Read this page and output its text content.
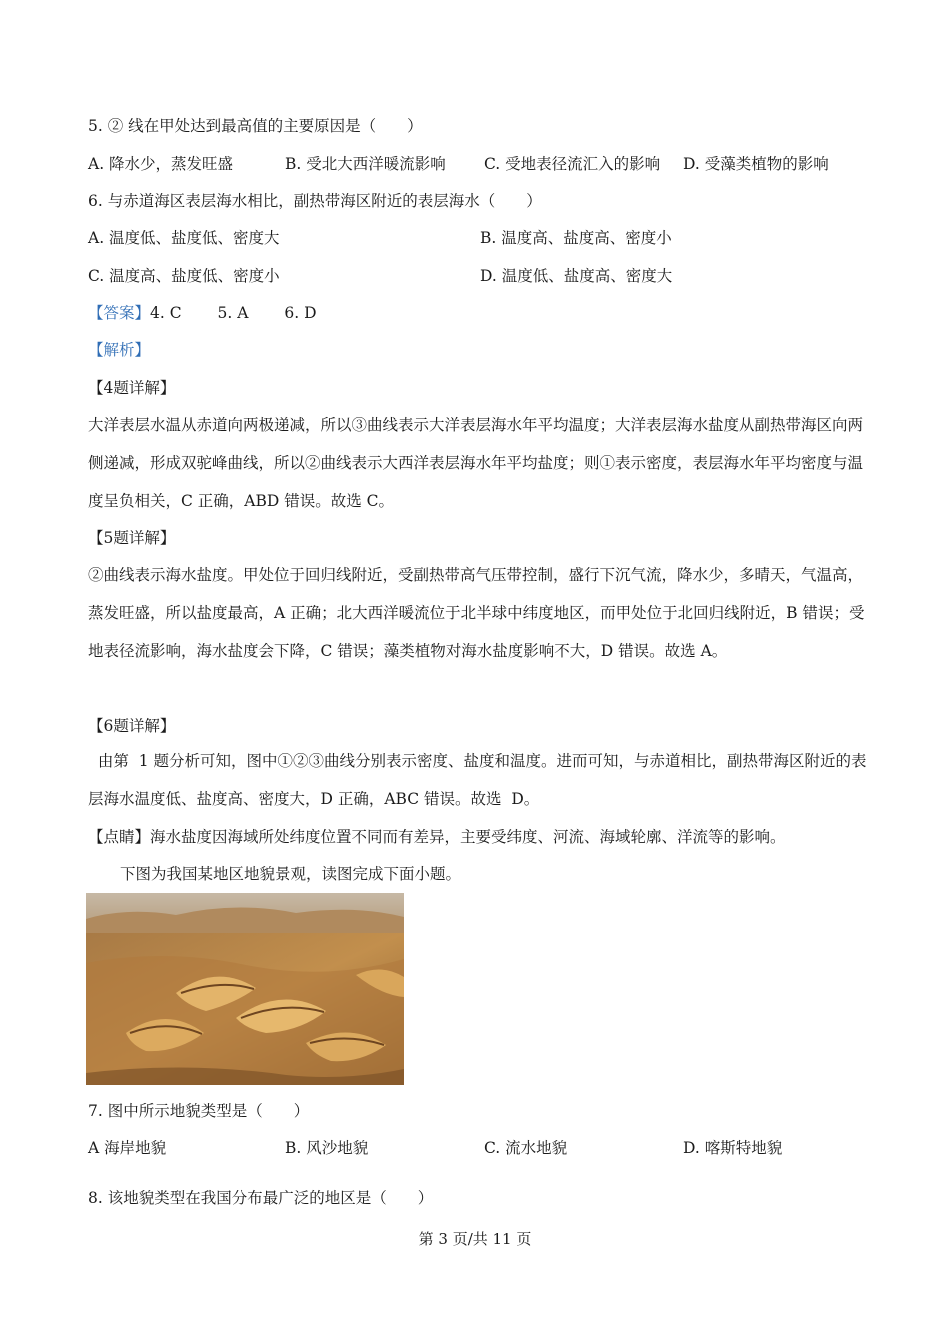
5. ② 线在甲处达到最高值的主要原因是（　　）
A. 降水少，蒸发旺盛	B. 受北大西洋暖流影响 C. 受地表径流汇入的影响 D. 受藻类植物的影响
6. 与赤道海区表层海水相比，副热带海区附近的表层海水（　　）
A. 温度低、盐度低、密度大	B. 温度高、盐度高、密度小
C. 温度高、盐度低、密度小	D. 温度低、盐度高、密度大
【答案】4. C　　 5. A　　 6. D
【解析】
【4题详解】
大洋表层水温从赤道向两极递减，所以③曲线表示大洋表层海水年平均温度；大洋表层海水盐度从副热带海区向两侧递减，形成双驼峰曲线，所以②曲线表示大西洋表层海水年平均盐度；则①表示密度，表层海水年平均密度与温度呈负相关，C 正确，ABD 错误。故选 C。
【5题详解】
②曲线表示海水盐度。甲处位于回归线附近，受副热带高气压带控制，盛行下沉气流，降水少，多晴天，气温高，蒸发旺盛，所以盐度最高，A 正确；北大西洋暖流位于北半球中纬度地区，而甲处位于北回归线附近，B 错误；受地表径流影响，海水盐度会下降，C 错误；藻类植物对海水盐度影响不大，D 错误。故选 A。
【6题详解】
由第  1 题分析可知，图中①②③曲线分别表示密度、盐度和温度。进而可知，与赤道相比，副热带海区附近的表层海水温度低、盐度高、密度大，D 正确，ABC 错误。故选  D。
【点睛】海水盐度因海域所处纬度位置不同而有差异，主要受纬度、河流、海域轮廓、洋流等的影响。
下图为我国某地区地貌景观，读图完成下面小题。
7. 图中所示地貌类型是（　　）
A 海岸地貌	B. 风沙地貌	C. 流水地貌	D. 喀斯特地貌
8. 该地貌类型在我国分布最广泛的地区是（　　）
第 3 页/共 11 页
